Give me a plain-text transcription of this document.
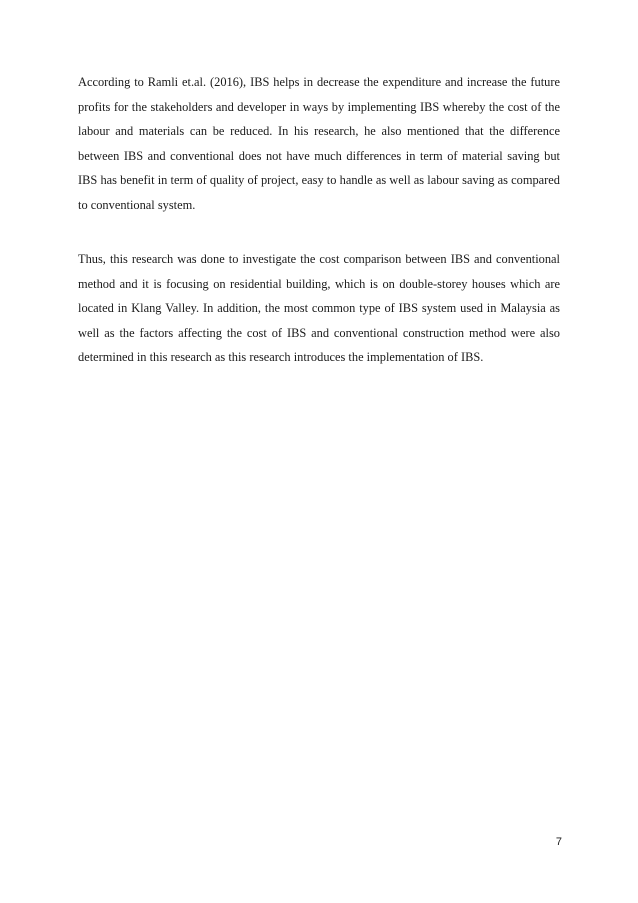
According to Ramli et.al. (2016), IBS helps in decrease the expenditure and increase the future profits for the stakeholders and developer in ways by implementing IBS whereby the cost of the labour and materials can be reduced. In his research, he also mentioned that the difference between IBS and conventional does not have much differences in term of material saving but IBS has benefit in term of quality of project, easy to handle as well as labour saving as compared to conventional system.

Thus, this research was done to investigate the cost comparison between IBS and conventional method and it is focusing on residential building, which is on double-storey houses which are located in Klang Valley. In addition, the most common type of IBS system used in Malaysia as well as the factors affecting the cost of IBS and conventional construction method were also determined in this research as this research introduces the implementation of IBS.

7
